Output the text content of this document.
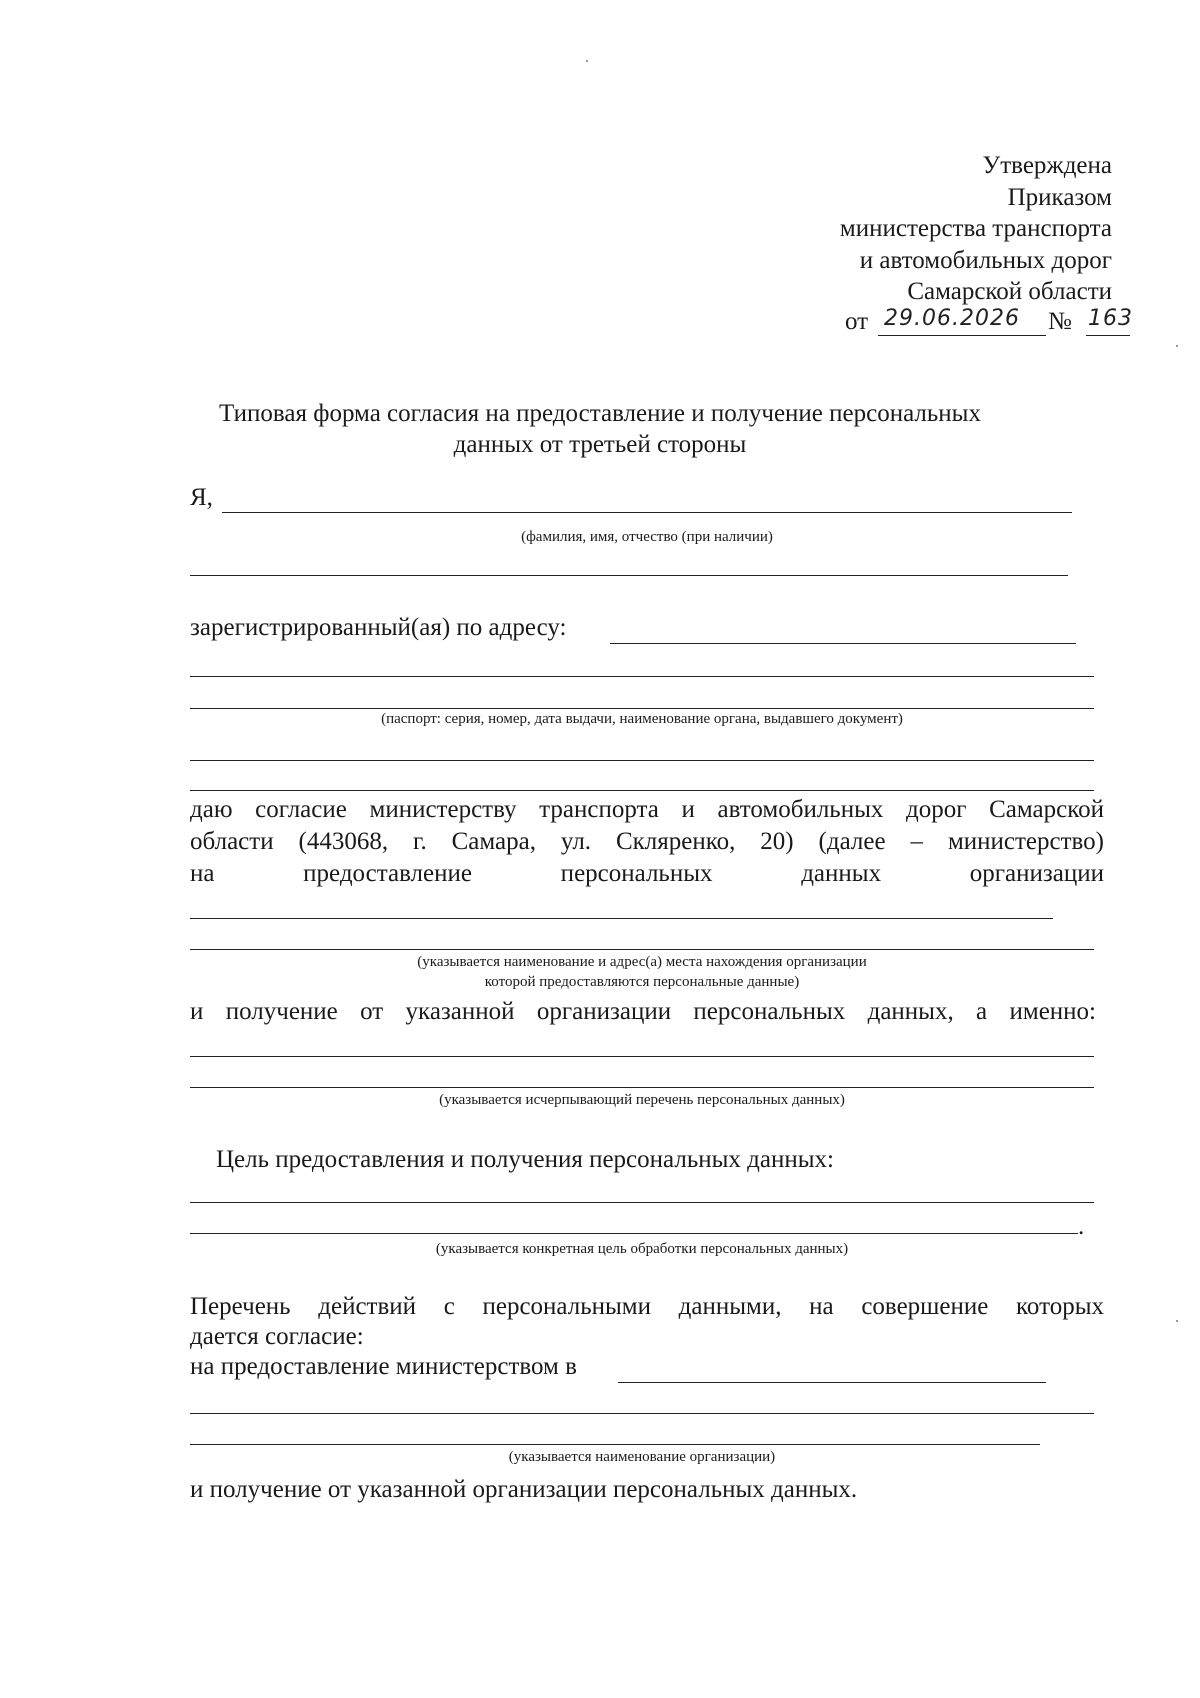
Утверждена
Приказом
министерства транспорта
и автомобильных дорог
Самарской области
от 29.06.2026 № 163
Типовая форма согласия на предоставление и получение персональных
данных от третьей стороны
Я,
(фамилия, имя, отчество (при наличии)
зарегистрированный(ая) по адресу:
(паспорт: серия, номер, дата выдачи, наименование органа, выдавшего документ)
даю согласие министерству транспорта и автомобильных дорог Самарской
области (443068, г. Самара, ул. Скляренко, 20) (далее – министерство)
на предоставление персональных данных организации
(указывается наименование и адрес(а) места нахождения организации
которой предоставляются персональные данные)
и получение от указанной организации персональных данных, а именно:
(указывается исчерпывающий перечень персональных данных)
Цель предоставления и получения персональных данных:
.
(указывается конкретная цель обработки персональных данных)
Перечень действий с персональными данными, на совершение которых
дается согласие:
на предоставление министерством в
(указывается наименование организации)
и получение от указанной организации персональных данных.
